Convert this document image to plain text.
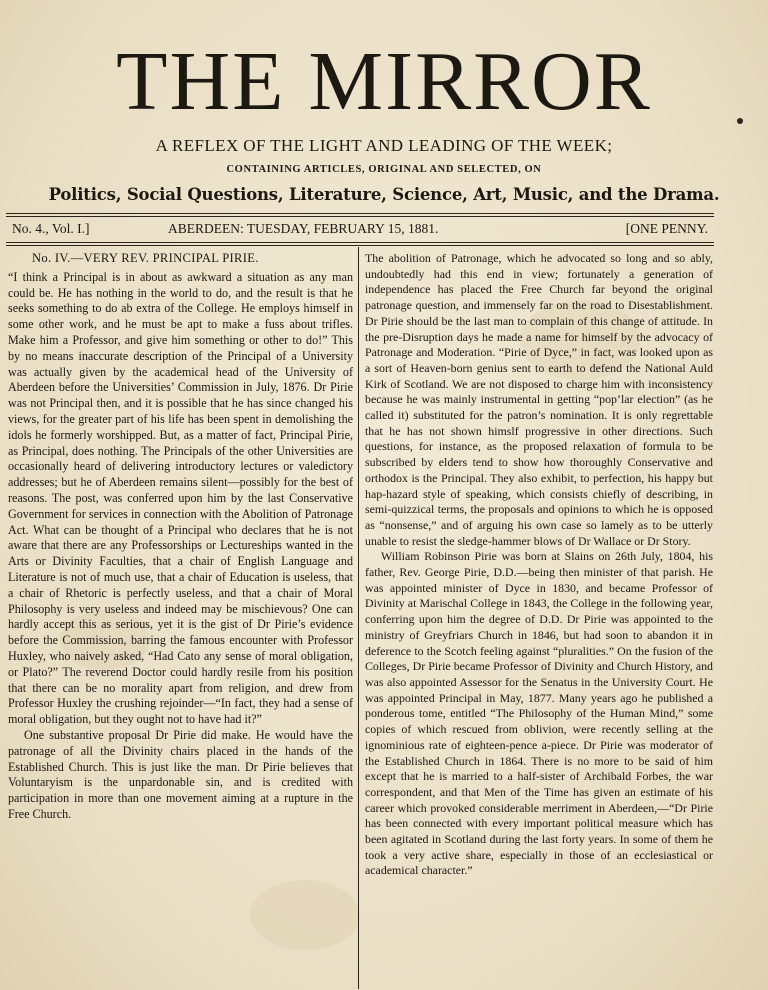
THE MIRROR
A REFLEX OF THE LIGHT AND LEADING OF THE WEEK;
CONTAINING ARTICLES, ORIGINAL AND SELECTED, ON
Politics, Social Questions, Literature, Science, Art, Music, and the Drama.
No. 4., Vol. I.]	ABERDEEN: TUESDAY, FEBRUARY 15, 1881.	[ONE PENNY.
No. IV.—VERY REV. PRINCIPAL PIRIE.

“I think a Principal is in about as awkward a situation as any man could be. He has nothing in the world to do, and the result is that he seeks something to do ab extra of the College. He employs himself in some other work, and he must be apt to make a fuss about trifles. Make him a Professor, and give him something or other to do!” This by no means inaccurate description of the Principal of a University was actually given by the academical head of the University of Aberdeen before the Universities’ Commission in July, 1876. Dr Pirie was not Principal then, and it is possible that he has since changed his views, for the greater part of his life has been spent in demolishing the idols he formerly worshipped. But, as a matter of fact, Principal Pirie, as Principal, does nothing. The Principals of the other Universities are occasionally heard of delivering introductory lectures or valedictory addresses; but he of Aberdeen remains silent—possibly for the best of reasons. The post, was conferred upon him by the last Conservative Government for services in connection with the Abolition of Patronage Act. What can be thought of a Principal who declares that he is not aware that there are any Professorships or Lectureships wanted in the Arts or Divinity Faculties, that a chair of English Language and Literature is not of much use, that a chair of Education is useless, that a chair of Rhetoric is perfectly useless, and that a chair of Moral Philosophy is very useless and indeed may be mischievous? One can hardly accept this as serious, yet it is the gist of Dr Pirie’s evidence before the Commission, barring the famous encounter with Professor Huxley, who naively asked, “Had Cato any sense of moral obligation, or Plato?” The reverend Doctor could hardly resile from his position that there can be no morality apart from religion, and drew from Professor Huxley the crushing rejoinder—“In fact, they had a sense of moral obligation, but they ought not to have had it?”

One substantive proposal Dr Pirie did make. He would have the patronage of all the Divinity chairs placed in the hands of the Established Church. This is just like the man. Dr Pirie believes that Voluntaryism is the unpardonable sin, and is credited with participation in more than one movement aiming at a rupture in the Free Church.

The abolition of Patronage, which he advocated so long and so ably, undoubtedly had this end in view; fortunately a generation of independence has placed the Free Church far beyond the original patronage question, and immensely far on the road to Disestablishment. Dr Pirie should be the last man to complain of this change of attitude. In the pre-Disruption days he made a name for himself by the advocacy of Patronage and Moderation. “Pirie of Dyce,” in fact, was looked upon as a sort of Heaven-born genius sent to earth to defend the National Auld Kirk of Scotland. We are not disposed to charge him with inconsistency because he was mainly instrumental in getting “pop’lar election” (as he called it) substituted for the patron’s nomination. It is only regrettable that he has not shown himslf progressive in other directions. Such questions, for instance, as the proposed relaxation of formula to be subscribed by elders tend to show how thoroughly Conservative and orthodox is the Principal. They also exhibit, to perfection, his happy but hap-hazard style of speaking, which consists chiefly of describing, in semi-quizzical terms, the proposals and opinions to which he is opposed as “nonsense,” and of arguing his own case so lamely as to be utterly unable to resist the sledge-hammer blows of Dr Wallace or Dr Story.

William Robinson Pirie was born at Slains on 26th July, 1804, his father, Rev. George Pirie, D.D.—being then minister of that parish. He was appointed minister of Dyce in 1830, and became Professor of Divinity at Marischal College in 1843, the College in the following year, conferring upon him the degree of D.D. Dr Pirie was appointed to the ministry of Greyfriars Church in 1846, but had soon to abandon it in deference to the Scotch feeling against “pluralities.” On the fusion of the Colleges, Dr Pirie became Professor of Divinity and Church History, and was also appointed Assessor for the Senatus in the University Court. He was appointed Principal in May, 1877. Many years ago he published a ponderous tome, entitled “The Philosophy of the Human Mind,” some copies of which rescued from oblivion, were recently selling at the ignominious rate of eighteen-pence a-piece. Dr Pirie was moderator of the Established Church in 1864. There is no more to be said of him except that he is married to a half-sister of Archibald Forbes, the war correspondent, and that Men of the Time has given an estimate of his career which provoked considerable merriment in Aberdeen,—“Dr Pirie has been connected with every important political measure which has been agitated in Scotland during the last forty years. In some of them he took a very active share, especially in those of an ecclesiastical or academical character.”
